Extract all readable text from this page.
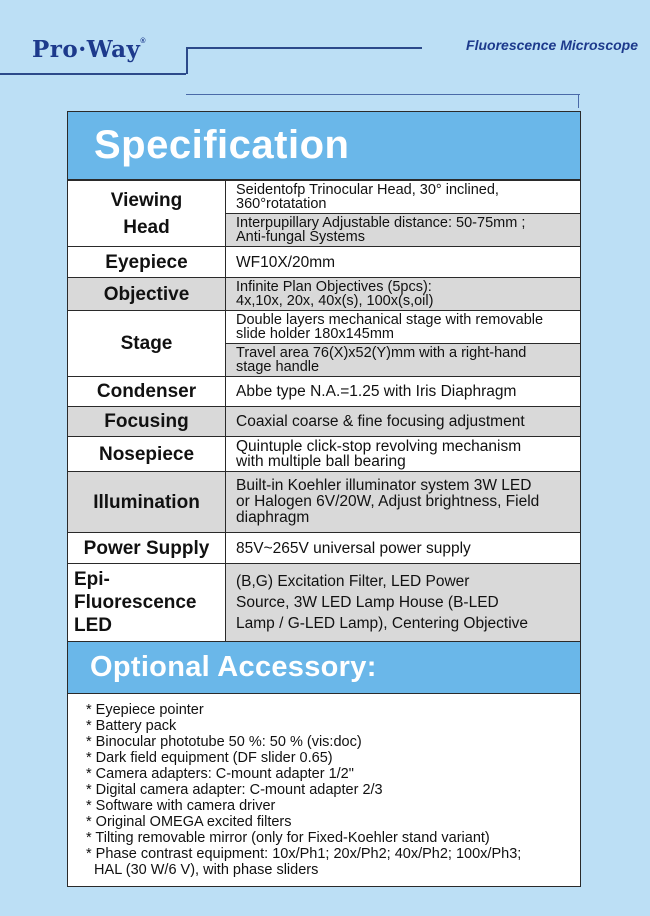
Pro·Way®	Fluorescence Microscope
Specification
Viewing
Head	Seidentofp Trinocular Head, 30° inclined,
360°rotatation
	Interpupillary Adjustable distance: 50-75mm ;
Anti-fungal Systems
Eyepiece	WF10X/20mm
Objective	Infinite Plan Objectives (5pcs):
4x,10x, 20x, 40x(s), 100x(s,oil)
Stage	Double layers mechanical stage with removable
slide holder 180x145mm
	Travel area 76(X)x52(Y)mm with a right-hand
stage handle
Condenser	Abbe type N.A.=1.25 with Iris Diaphragm
Focusing	Coaxial coarse & fine focusing adjustment
Nosepiece	Quintuple click-stop revolving mechanism
with multiple ball bearing
Illumination	Built-in Koehler illuminator system 3W LED
or Halogen 6V/20W, Adjust brightness, Field
diaphragm
Power Supply	85V~265V universal power supply
Epi-
Fluorescence
LED	(B,G) Excitation Filter, LED Power
Source, 3W LED Lamp House (B-LED
Lamp / G-LED Lamp), Centering Objective
Optional Accessory:
* Eyepiece pointer
* Battery pack
* Binocular phototube 50 %: 50 % (vis:doc)
* Dark field equipment (DF slider 0.65)
* Camera adapters: C-mount adapter 1/2"
* Digital camera adapter: C-mount adapter 2/3
* Software with camera driver
* Original OMEGA excited filters
* Tilting removable mirror (only for Fixed-Koehler stand variant)
* Phase contrast equipment: 10x/Ph1; 20x/Ph2; 40x/Ph2; 100x/Ph3;
HAL (30 W/6 V), with phase sliders
